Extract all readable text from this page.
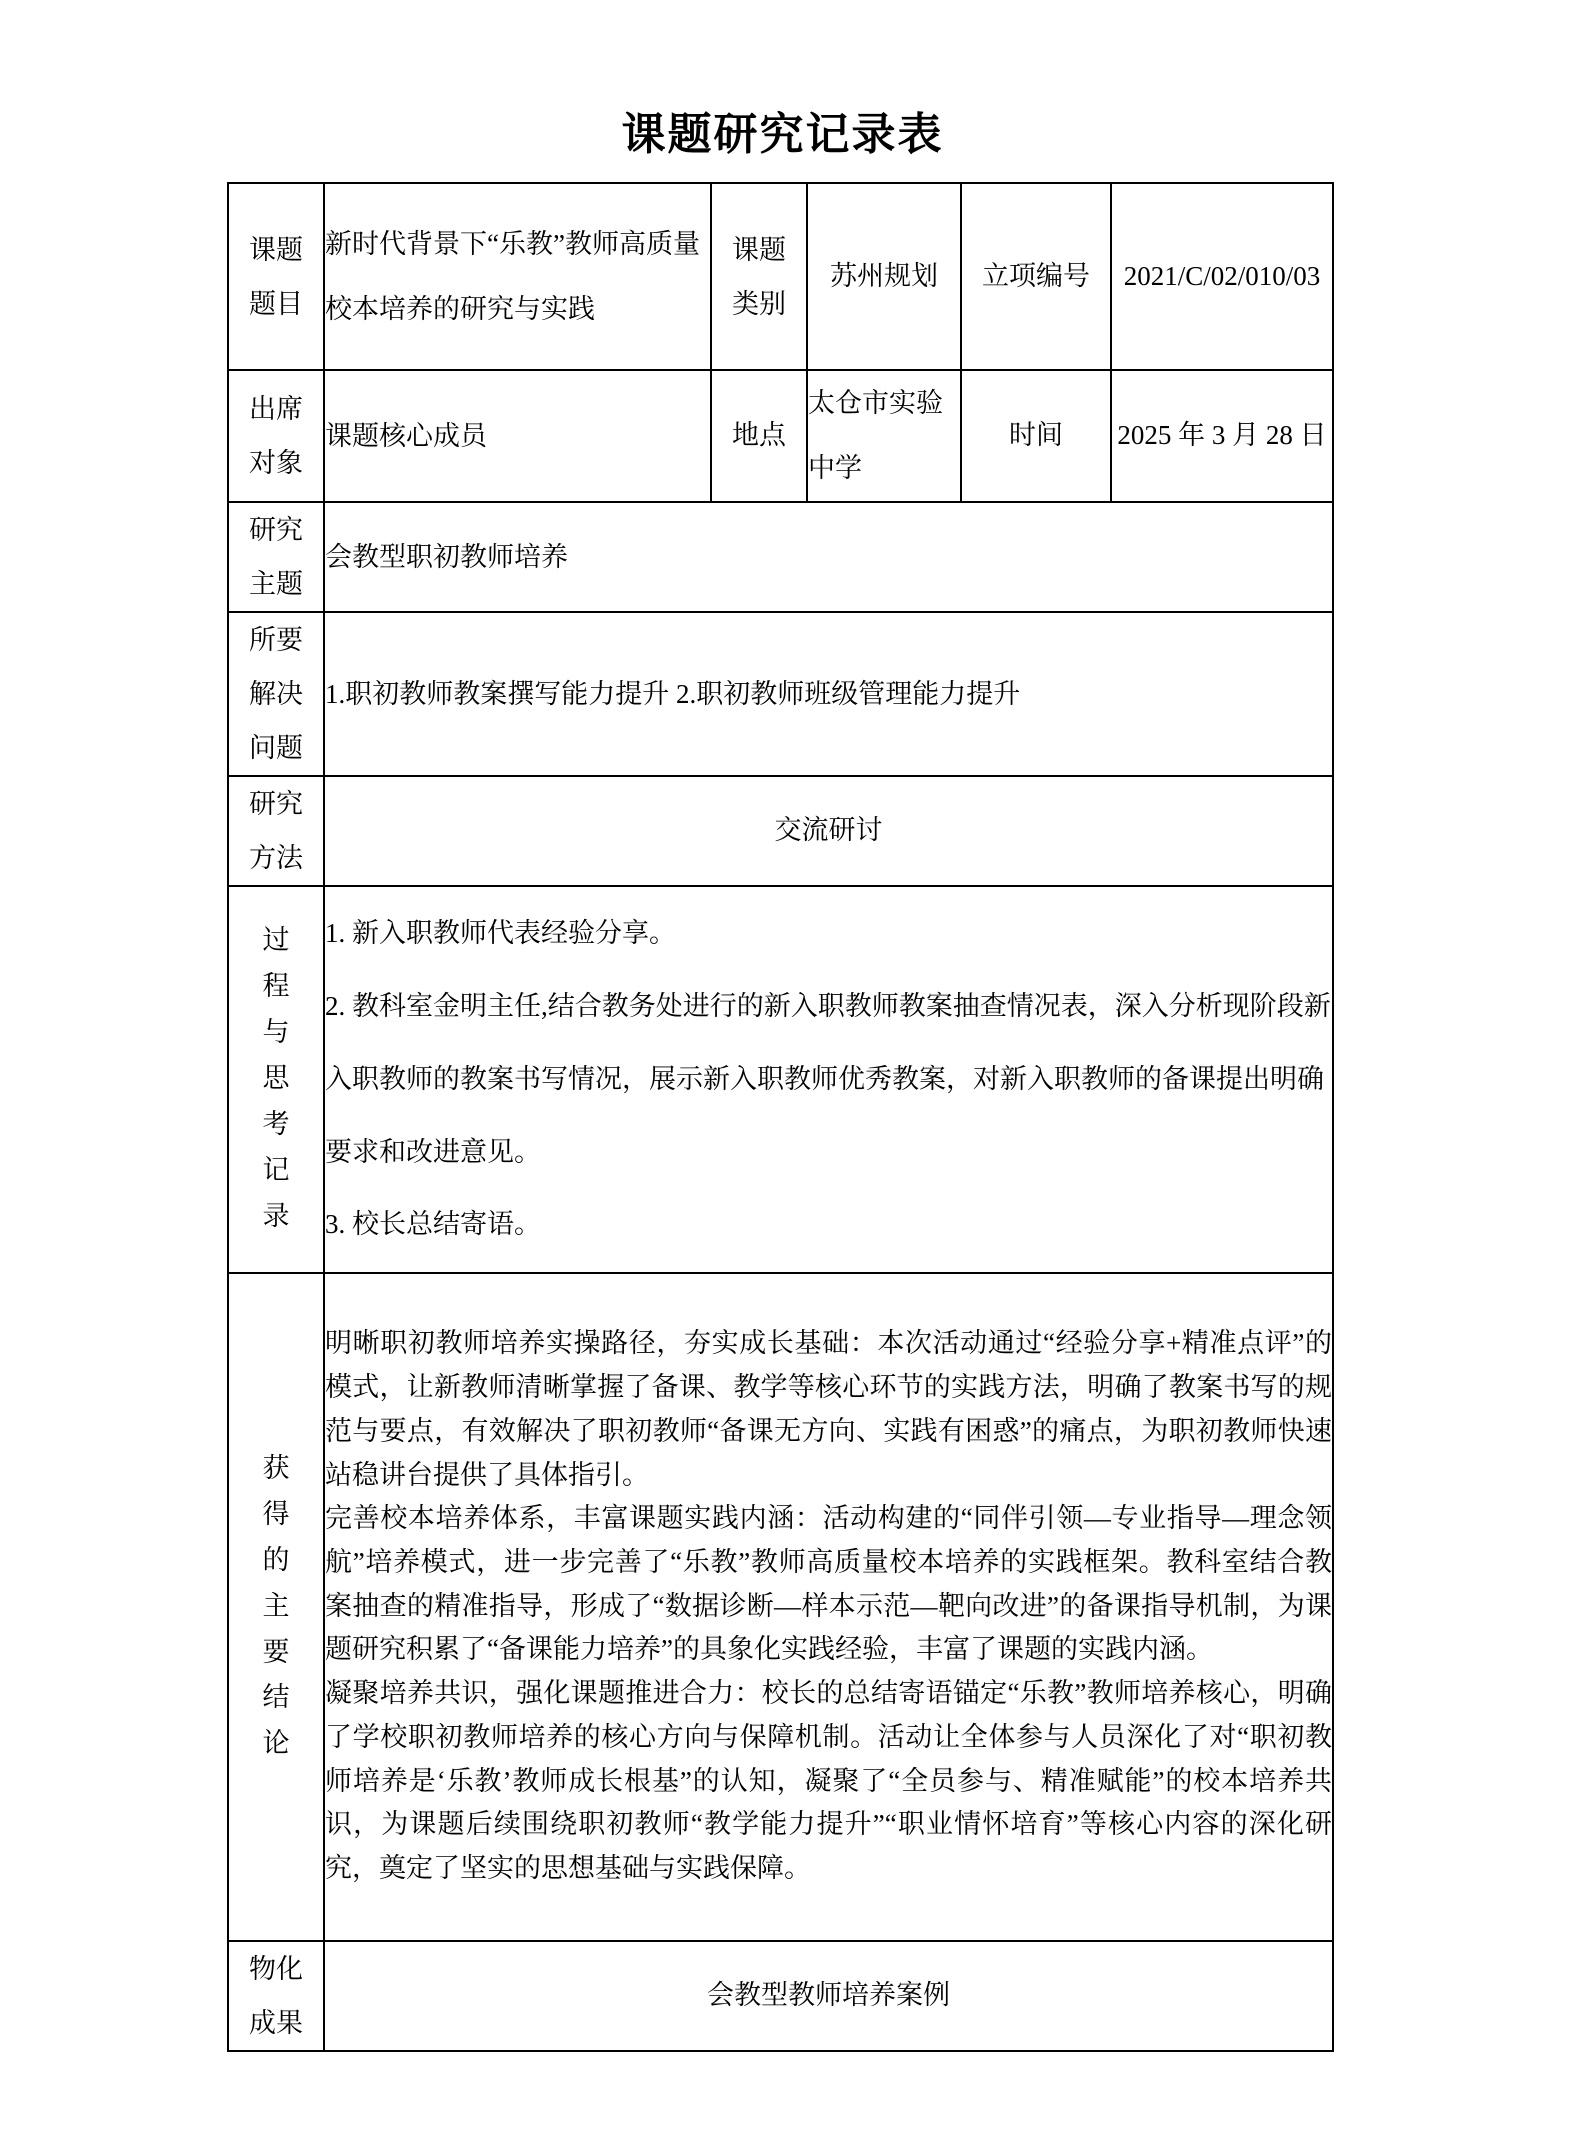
课题研究记录表
课题题目	新时代背景下“乐教”教师高质量校本培养的研究与实践	课题类别	苏州规划	立项编号	2021/C/02/010/03
出席对象	课题核心成员	地点	太仓市实验中学	时间	2025 年 3 月 28 日
研究主题	会教型职初教师培养				
所要解决问题	1.职初教师教案撰写能力提升 2.职初教师班级管理能力提升				
研究方法	交流研讨				
过程与思考记录	1. 新入职教师代表经验分享。

2. 教科室金明主任,结合教务处进行的新入职教师教案抽查情况表，深入分析现阶段新入职教师的教案书写情况，展示新入职教师优秀教案，对新入职教师的备课提出明确要求和改进意见。

3. 校长总结寄语。				

获得的主要结论	明晰职初教师培养实操路径，夯实成长基础：本次活动通过“经验分享+精准点评”的模式，让新教师清晰掌握了备课、教学等核心环节的实践方法，明确了教案书写的规范与要点，有效解决了职初教师“备课无方向、实践有困惑”的痛点，为职初教师快速站稳讲台提供了具体指引。

完善校本培养体系，丰富课题实践内涵：活动构建的“同伴引领—专业指导—理念领航”培养模式，进一步完善了“乐教”教师高质量校本培养的实践框架。教科室结合教案抽查的精准指导，形成了“数据诊断—样本示范—靶向改进”的备课指导机制，为课题研究积累了“备课能力培养”的具象化实践经验，丰富了课题的实践内涵。

凝聚培养共识，强化课题推进合力：校长的总结寄语锚定“乐教”教师培养核心，明确了学校职初教师培养的核心方向与保障机制。活动让全体参与人员深化了对“职初教师培养是‘乐教’教师成长根基”的认知，凝聚了“全员参与、精准赋能”的校本培养共识，为课题后续围绕职初教师“教学能力提升”“职业情怀培育”等核心内容的深化研究，奠定了坚实的思想基础与实践保障。				

物化成果	会教型教师培养案例				
